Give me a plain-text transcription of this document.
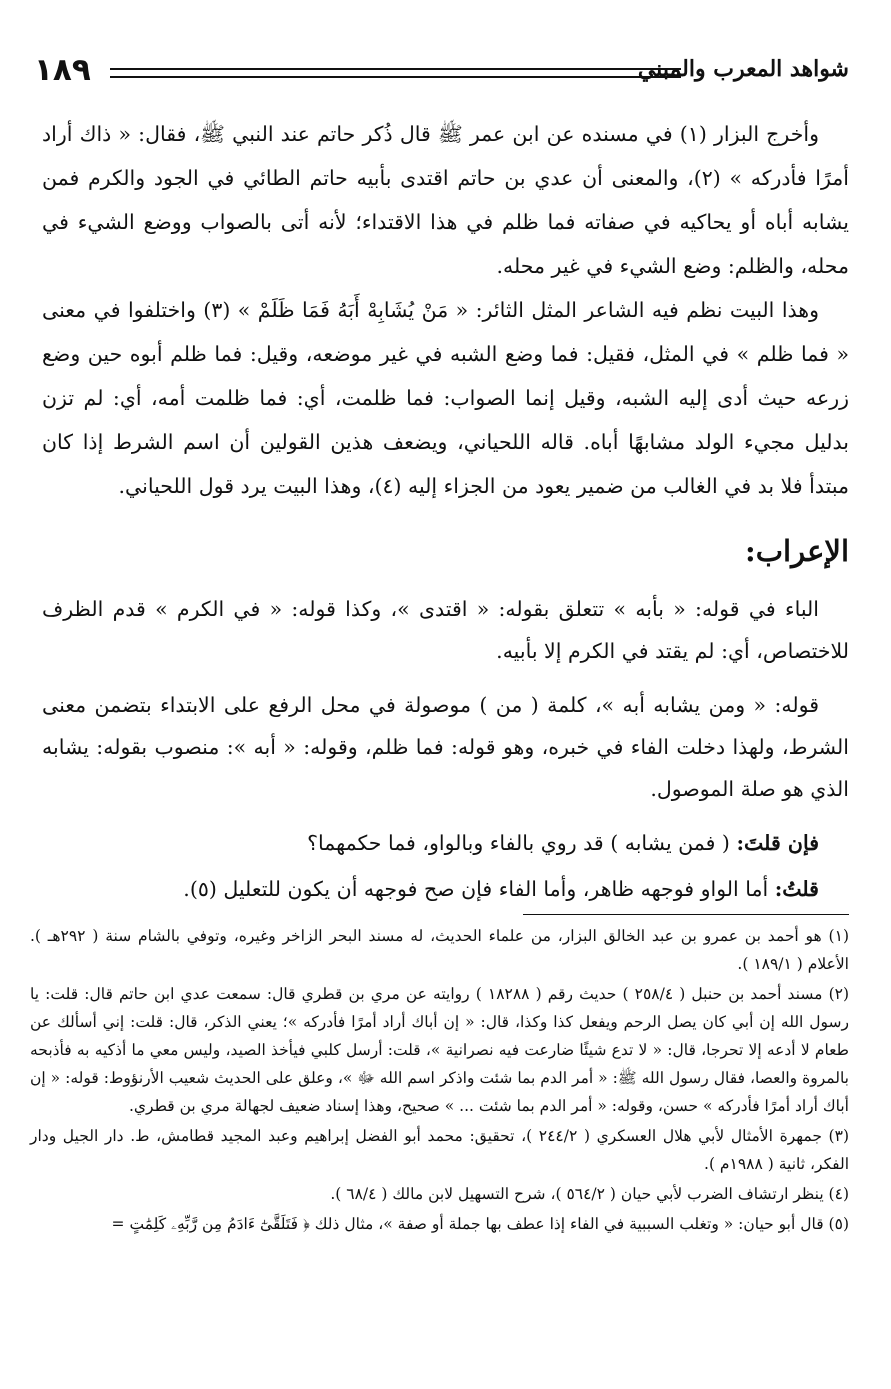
شواهد المعرب والمبني
١٨٩

وأخرج البزار (١) في مسنده عن ابن عمر ﷺ قال ذُكر حاتم عند النبي ﷺ، فقال: « ذاك أراد أمرًا فأدركه » (٢)، والمعنى أن عدي بن حاتم اقتدى بأبيه حاتم الطائي في الجود والكرم فمن يشابه أباه أو يحاكيه في صفاته فما ظلم في هذا الاقتداء؛ لأنه أتى بالصواب ووضع الشيء في محله، والظلم: وضع الشيء في غير محله.

وهذا البيت نظم فيه الشاعر المثل الثائر: « مَنْ يُشَابِهْ أَبَهُ فَمَا ظَلَمْ » (٣) واختلفوا في معنى « فما ظلم » في المثل، فقيل: فما وضع الشبه في غير موضعه، وقيل: فما ظلم أبوه حين وضع زرعه حيث أدى إليه الشبه، وقيل إنما الصواب: فما ظلمت، أي: فما ظلمت أمه، أي: لم تزن بدليل مجيء الولد مشابهًا أباه. قاله اللحياني، ويضعف هذين القولين أن اسم الشرط إذا كان مبتدأ فلا بد في الغالب من ضمير يعود من الجزاء إليه (٤)، وهذا البيت يرد قول اللحياني.

الإعراب:

الباء في قوله: « بأبه » تتعلق بقوله: « اقتدى »، وكذا قوله: « في الكرم » قدم الظرف للاختصاص، أي: لم يقتد في الكرم إلا بأبيه.

قوله: « ومن يشابه أبه »، كلمة ( من ) موصولة في محل الرفع على الابتداء بتضمن معنى الشرط، ولهذا دخلت الفاء في خبره، وهو قوله: فما ظلم، وقوله: « أبه »: منصوب بقوله: يشابه الذي هو صلة الموصول.

فإن قلتَ: ( فمن يشابه ) قد روي بالفاء وبالواو، فما حكمهما؟

قلتُ: أما الواو فوجهه ظاهر، وأما الفاء فإن صح فوجهه أن يكون للتعليل (٥).

(١) هو أحمد بن عمرو بن عبد الخالق البزار، من علماء الحديث، له مسند البحر الزاخر وغيره، وتوفي بالشام سنة ( ٢٩٢هـ ). الأعلام ( ١٨٩/١ ).

(٢) مسند أحمد بن حنبل ( ٢٥٨/٤ ) حديث رقم ( ١٨٢٨٨ ) روايته عن مري بن قطري قال: سمعت عدي ابن حاتم قال: قلت: يا رسول الله إن أبي كان يصل الرحم ويفعل كذا وكذا، قال: « إن أباك أراد أمرًا فأدركه »؛ يعني الذكر، قال: قلت: إني أسألك عن طعام لا أدعه إلا تحرجا، قال: « لا تدع شيئًا ضارعت فيه نصرانية »، قلت: أرسل كلبي فيأخذ الصيد، وليس معي ما أذكيه به فأذبحه بالمروة والعصا، فقال رسول الله ﷺ: « أمر الدم بما شئت واذكر اسم الله ﷻ »، وعلق على الحديث شعيب الأرنؤوط: قوله: « إن أباك أراد أمرًا فأدركه » حسن، وقوله: « أمر الدم بما شئت ... » صحيح، وهذا إسناد ضعيف لجهالة مري بن قطري.

(٣) جمهرة الأمثال لأبي هلال العسكري ( ٢٤٤/٢ )، تحقيق: محمد أبو الفضل إبراهيم وعبد المجيد قطامش، ط. دار الجيل ودار الفكر، ثانية ( ١٩٨٨م ).

(٤) ينظر ارتشاف الضرب لأبي حيان ( ٥٦٤/٢ )، شرح التسهيل لابن مالك ( ٦٨/٤ ).

(٥) قال أبو حيان: « وتغلب السببية في الفاء إذا عطف بها جملة أو صفة »، مثال ذلك ﴿ فَتَلَقَّىٰٓ ءَادَمُ مِن رَّبِّهِۦ كَلِمَٰتٍ =
